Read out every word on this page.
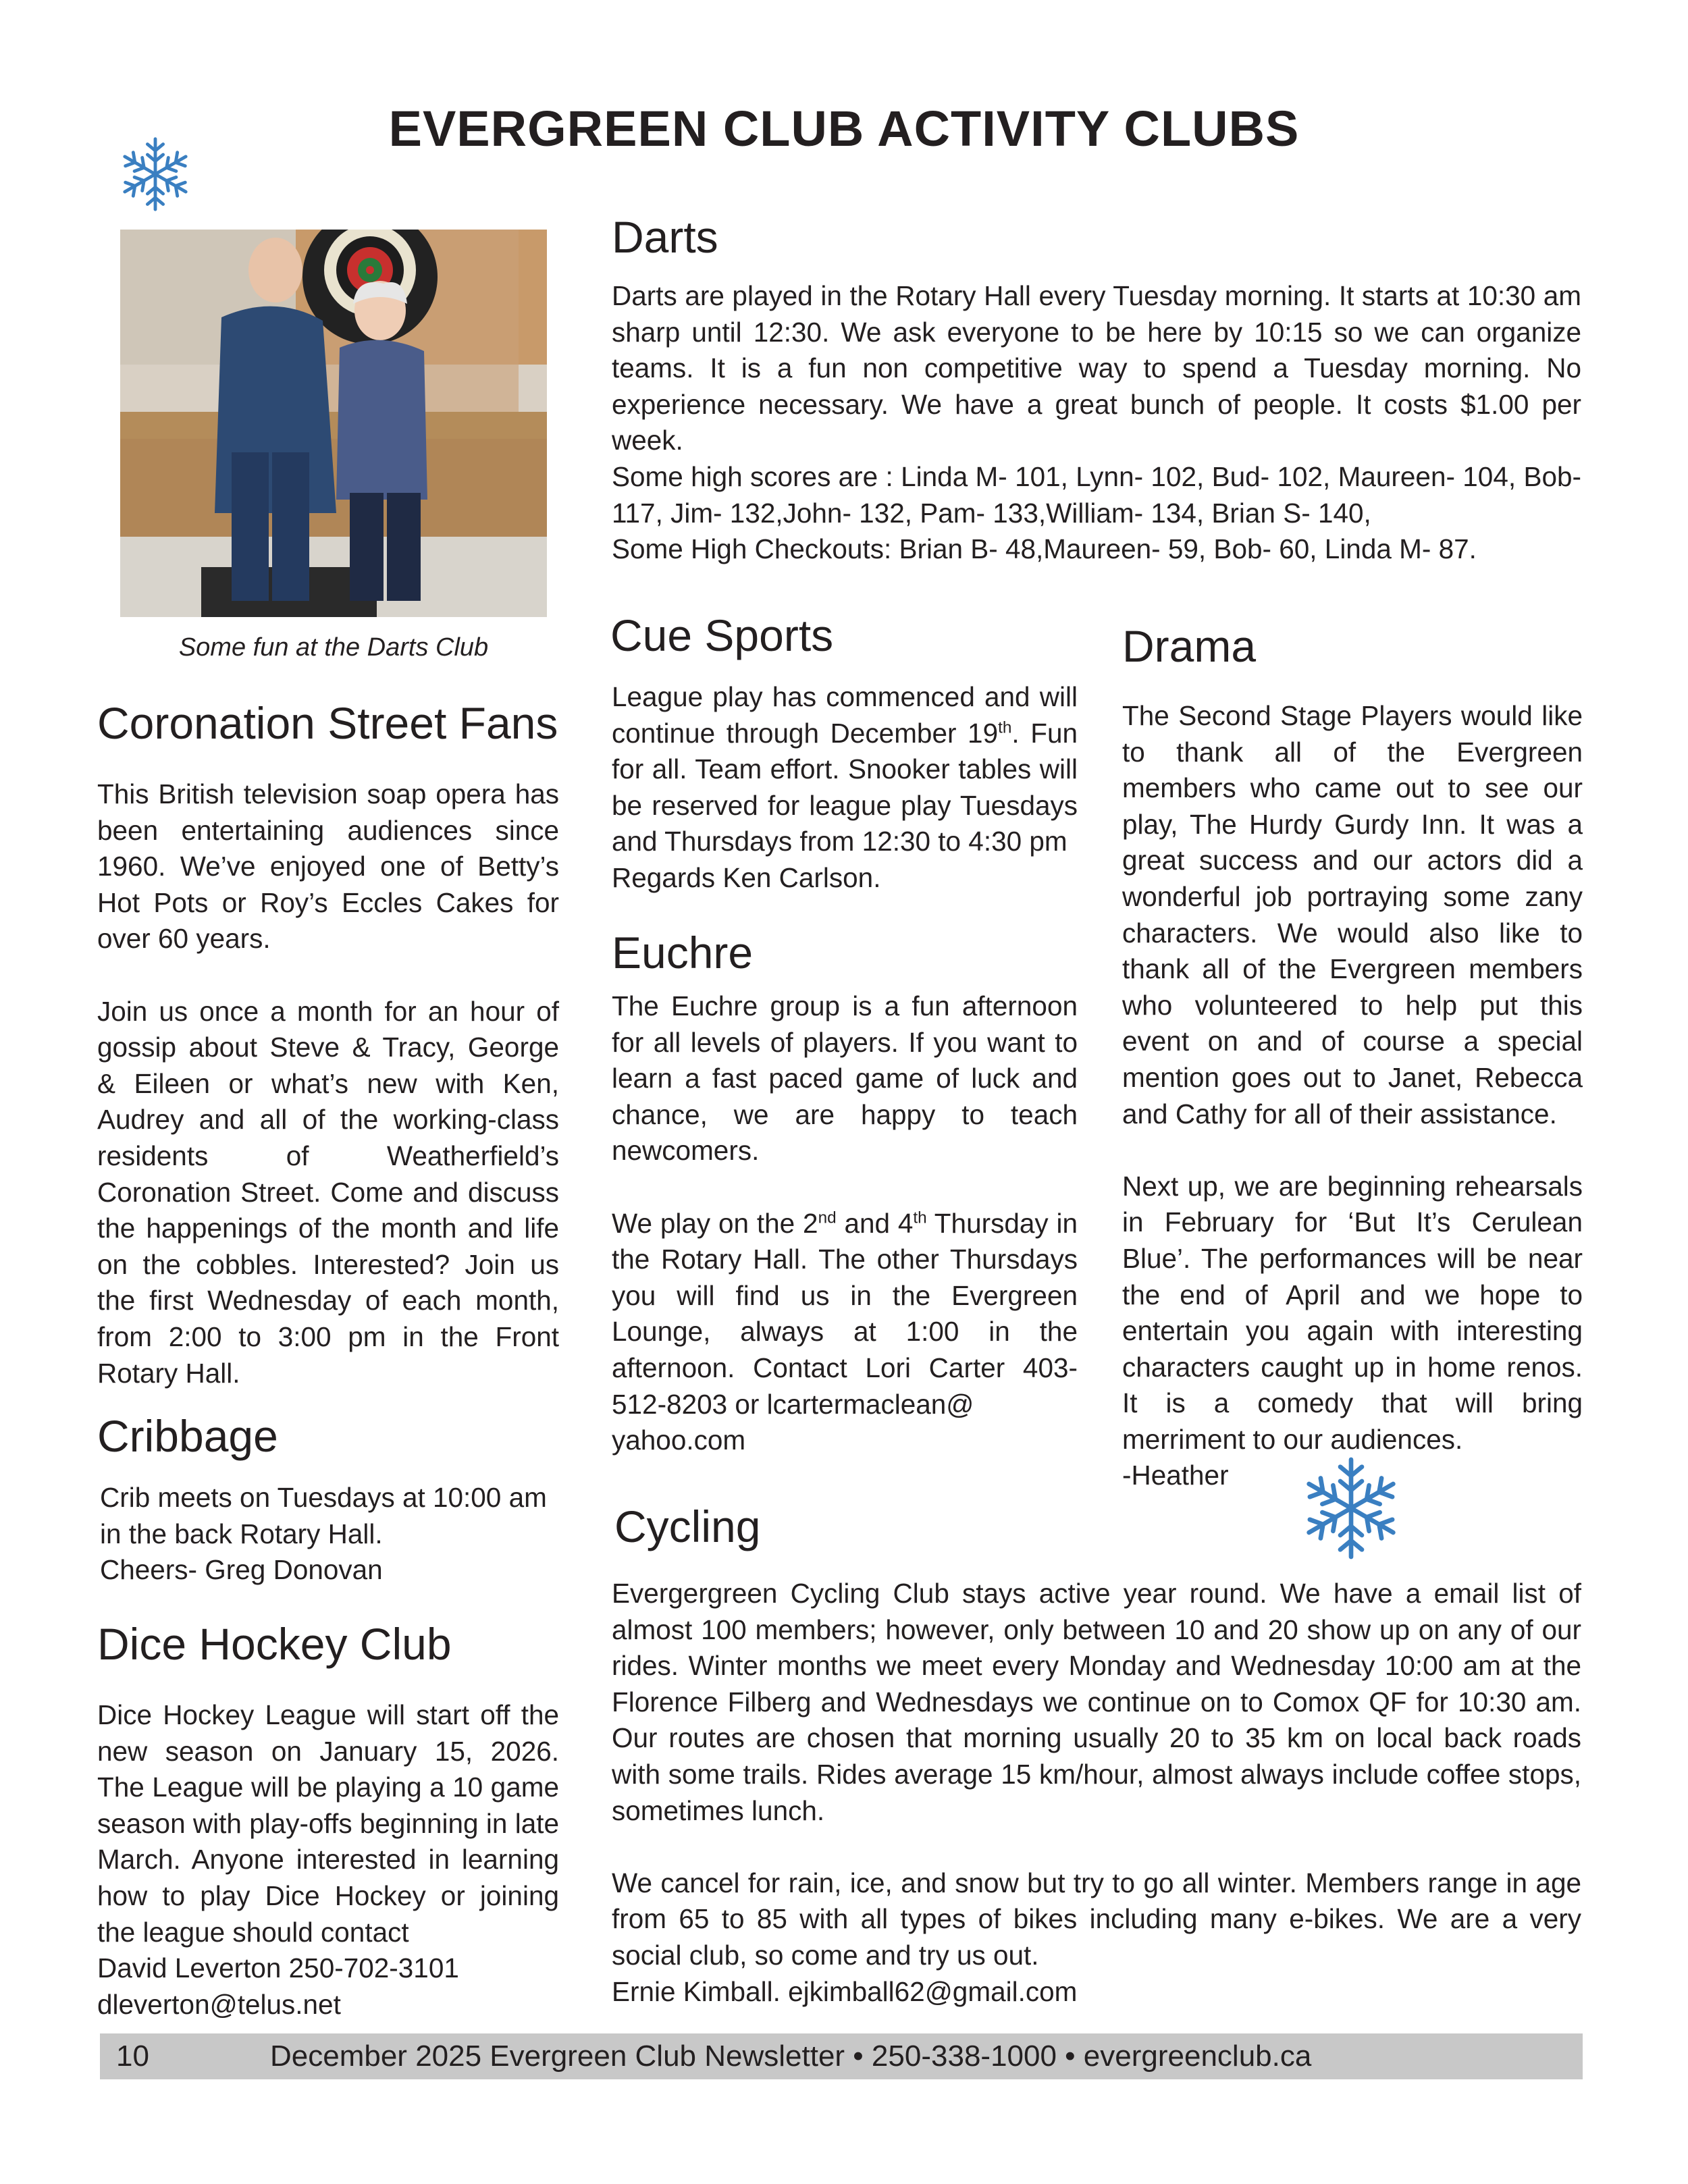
EVERGREEN CLUB ACTIVITY CLUBS
Some fun at the Darts Club
Darts

Darts are played in the Rotary Hall every Tuesday morning. It starts at 10:30 am sharp until 12:30. We ask everyone to be here by 10:15 so we can organize teams. It is a fun non competitive way to spend a Tuesday morning. No experience necessary. We have a great bunch of people. It costs $1.00 per week.

Some high scores are : Linda M- 101, Lynn- 102, Bud- 102, Maureen- 104, Bob-117, Jim- 132,John- 132, Pam- 133,William- 134, Brian S- 140,

Some High Checkouts: Brian B- 48,Maureen- 59, Bob- 60, Linda M- 87.

Coronation Street Fans

This British television soap opera has been entertaining audiences since 1960. We’ve enjoyed one of Betty’s Hot Pots or Roy’s Eccles Cakes for over 60 years.

Join us once a month for an hour of gossip about Steve & Tracy, George & Eileen or what’s new with Ken, Audrey and all of the working-class residents of Weatherfield’s Coronation Street. Come and discuss the happenings of the month and life on the cobbles. Interested? Join us the first Wednesday of each month, from 2:00 to 3:00 pm in the Front Rotary Hall.

Cribbage

Crib meets on Tuesdays at 10:00 am

in the back Rotary Hall.

Cheers- Greg Donovan

Dice Hockey Club

Dice Hockey League will start off the new season on January 15, 2026. The League will be playing a 10 game season with play-offs beginning in late March. Anyone interested in learning how to play Dice Hockey or joining the league should contact

David Leverton 250-702-3101

dleverton@telus.net

Cue Sports

League play has commenced and will continue through December 19th. Fun for all. Team effort. Snooker tables will be reserved for league play Tuesdays and Thursdays from 12:30 to 4:30 pm

Regards Ken Carlson.

Euchre

The Euchre group is a fun afternoon for all levels of players. If you want to learn a fast paced game of luck and chance, we are happy to teach newcomers.

We play on the 2nd and 4th Thursday in the Rotary Hall. The other Thursdays you will find us in the Evergreen Lounge, always at 1:00 in the afternoon. Contact Lori Carter 403-512-8203 or lcartermaclean@

yahoo.com

Drama

The Second Stage Players would like to thank all of the Evergreen members who came out to see our play, The Hurdy Gurdy Inn. It was a great success and our actors did a wonderful job portraying some zany characters. We would also like to thank all of the Evergreen members who volunteered to help put this event on and of course a special mention goes out to Janet, Rebecca and Cathy for all of their assistance.

Next up, we are beginning rehearsals in February for ‘But It’s Cerulean Blue’. The performances will be near the end of April and we hope to entertain you again with interesting characters caught up in home renos. It is a comedy that will bring merriment to our audiences.

-Heather

Cycling

Evergergreen Cycling Club stays active year round. We have a email list of almost 100 members; however, only between 10 and 20 show up on any of our rides. Winter months we meet every Monday and Wednesday 10:00 am at the Florence Filberg and Wednesdays we continue on to Comox QF for 10:30 am. Our routes are chosen that morning usually 20 to 35 km on local back roads with some trails. Rides average 15 km/hour, almost always include coffee stops, sometimes lunch.

We cancel for rain, ice, and snow but try to go all winter. Members range in age from 65 to 85 with all types of bikes including many e-bikes. We are a very social club, so come and try us out.

Ernie Kimball. ejkimball62@gmail.com

10	December 2025 Evergreen Club Newsletter • 250-338-1000 • evergreenclub.ca
